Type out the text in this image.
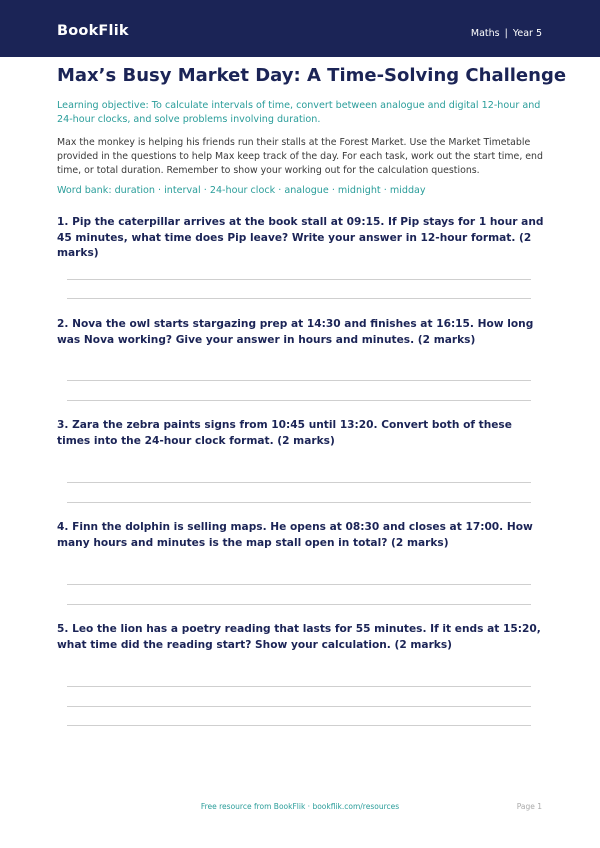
BookFlik	Maths | Year 5
Max’s Busy Market Day: A Time-Solving Challenge

Learning objective: To calculate intervals of time, convert between analogue and digital 12-hour and 24-hour clocks, and solve problems involving duration.

Max the monkey is helping his friends run their stalls at the Forest Market. Use the Market Timetable provided in the questions to help Max keep track of the day. For each task, work out the start time, end time, or total duration. Remember to show your working out for the calculation questions.

Word bank: duration · interval · 24-hour clock · analogue · midnight · midday

1. Pip the caterpillar arrives at the book stall at 09:15. If Pip stays for 1 hour and 45 minutes, what time does Pip leave? Write your answer in 12-hour format. (2 marks)

2. Nova the owl starts stargazing prep at 14:30 and finishes at 16:15. How long was Nova working? Give your answer in hours and minutes. (2 marks)

3. Zara the zebra paints signs from 10:45 until 13:20. Convert both of these times into the 24-hour clock format. (2 marks)

4. Finn the dolphin is selling maps. He opens at 08:30 and closes at 17:00. How many hours and minutes is the map stall open in total? (2 marks)

5. Leo the lion has a poetry reading that lasts for 55 minutes. If it ends at 15:20, what time did the reading start? Show your calculation. (2 marks)

Free resource from BookFlik · bookflik.com/resources	Page 1
